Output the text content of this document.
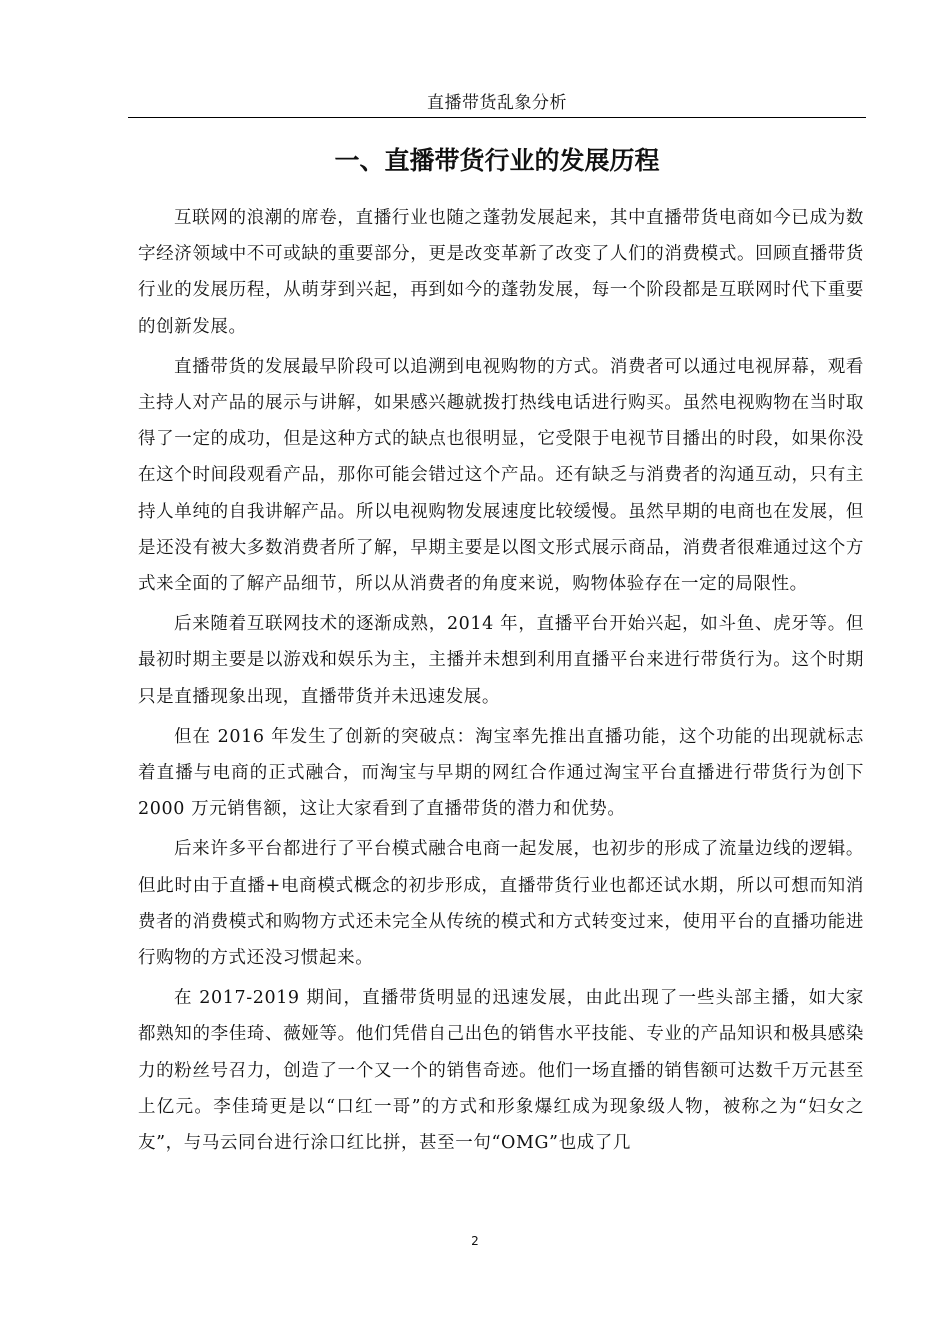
直播带货乱象分析
一、直播带货行业的发展历程

互联网的浪潮的席卷，直播行业也随之蓬勃发展起来，其中直播带货电商如今已成为数字经济领域中不可或缺的重要部分，更是改变革新了改变了人们的消费模式。回顾直播带货行业的发展历程，从萌芽到兴起，再到如今的蓬勃发展，每一个阶段都是互联网时代下重要的创新发展。

直播带货的发展最早阶段可以追溯到电视购物的方式。消费者可以通过电视屏幕，观看主持人对产品的展示与讲解，如果感兴趣就拨打热线电话进行购买。虽然电视购物在当时取得了一定的成功，但是这种方式的缺点也很明显，它受限于电视节目播出的时段，如果你没在这个时间段观看产品，那你可能会错过这个产品。还有缺乏与消费者的沟通互动，只有主持人单纯的自我讲解产品。所以电视购物发展速度比较缓慢。虽然早期的电商也在发展，但是还没有被大多数消费者所了解，早期主要是以图文形式展示商品，消费者很难通过这个方式来全面的了解产品细节，所以从消费者的角度来说，购物体验存在一定的局限性。

后来随着互联网技术的逐渐成熟，2014 年，直播平台开始兴起，如斗鱼、虎牙等。但最初时期主要是以游戏和娱乐为主，主播并未想到利用直播平台来进行带货行为。这个时期只是直播现象出现，直播带货并未迅速发展。

但在 2016 年发生了创新的突破点：淘宝率先推出直播功能，这个功能的出现就标志着直播与电商的正式融合，而淘宝与早期的网红合作通过淘宝平台直播进行带货行为创下 2000 万元销售额，这让大家看到了直播带货的潜力和优势。

后来许多平台都进行了平台模式融合电商一起发展，也初步的形成了流量边线的逻辑。但此时由于直播+电商模式概念的初步形成，直播带货行业也都还试水期，所以可想而知消费者的消费模式和购物方式还未完全从传统的模式和方式转变过来，使用平台的直播功能进行购物的方式还没习惯起来。

在 2017-2019 期间，直播带货明显的迅速发展，由此出现了一些头部主播，如大家都熟知的李佳琦、薇娅等。他们凭借自己出色的销售水平技能、专业的产品知识和极具感染力的粉丝号召力，创造了一个又一个的销售奇迹。他们一场直播的销售额可达数千万元甚至上亿元。李佳琦更是以“口红一哥”的方式和形象爆红成为现象级人物，被称之为“妇女之友”，与马云同台进行涂口红比拼，甚至一句“OMG”也成了几

2
